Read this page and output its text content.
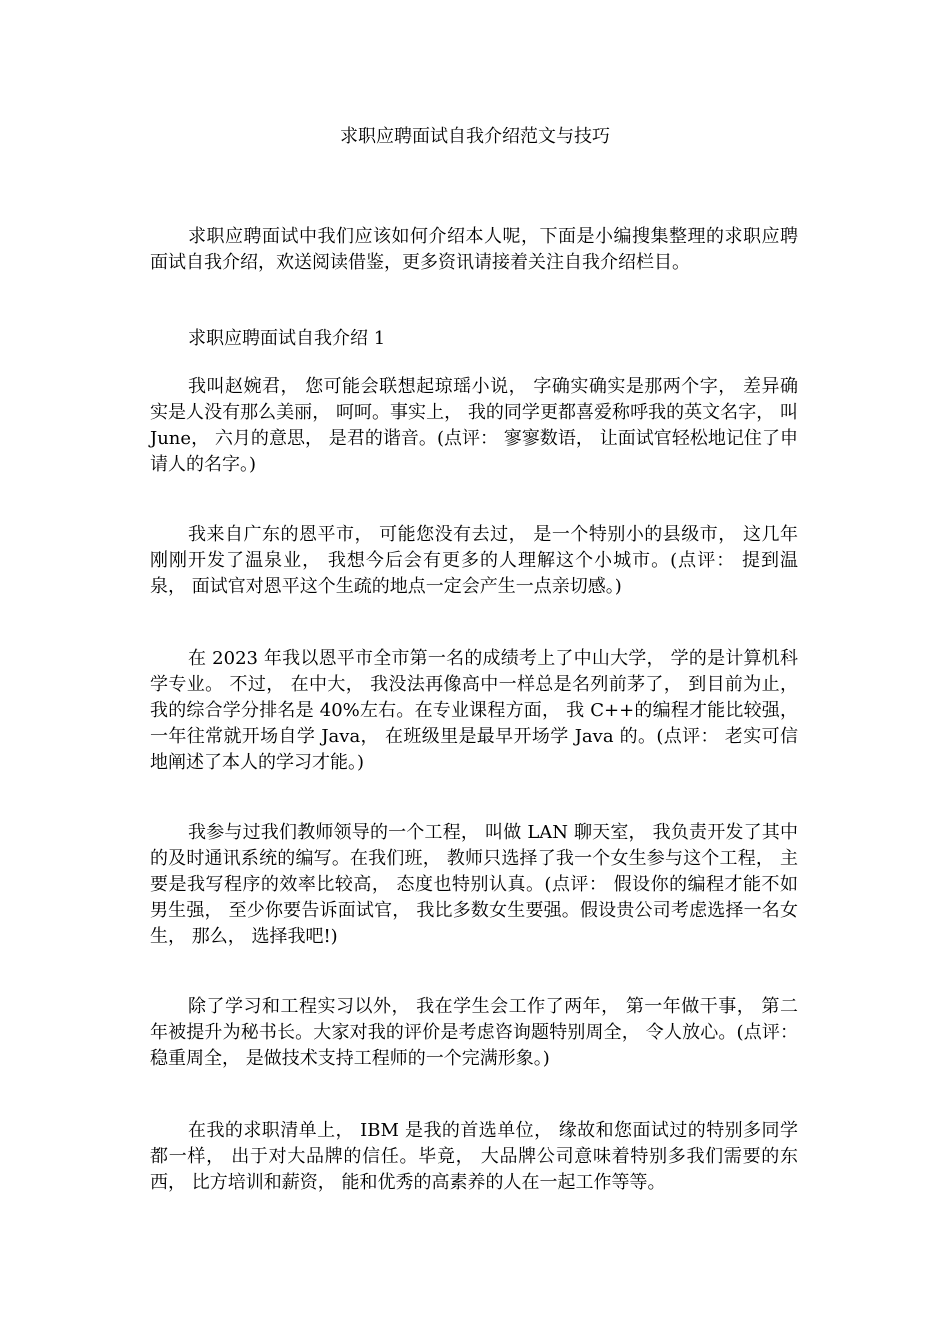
求职应聘面试自我介绍范文与技巧

求职应聘面试中我们应该如何介绍本人呢，下面是小编搜集整理的求职应聘面试自我介绍，欢送阅读借鉴，更多资讯请接着关注自我介绍栏目。

求职应聘面试自我介绍 1

我叫赵婉君， 您可能会联想起琼瑶小说， 字确实确实是那两个字， 差异确实是人没有那么美丽， 呵呵。事实上， 我的同学更都喜爱称呼我的英文名字， 叫 June， 六月的意思， 是君的谐音。(点评： 寥寥数语， 让面试官轻松地记住了申请人的名字。)

我来自广东的恩平市， 可能您没有去过， 是一个特别小的县级市， 这几年刚刚开发了温泉业， 我想今后会有更多的人理解这个小城市。(点评： 提到温泉， 面试官对恩平这个生疏的地点一定会产生一点亲切感。)

在 2023 年我以恩平市全市第一名的成绩考上了中山大学， 学的是计算机科学专业。 不过， 在中大， 我没法再像高中一样总是名列前茅了， 到目前为止， 我的综合学分排名是 40%左右。在专业课程方面， 我 C++的编程才能比较强， 一年往常就开场自学 Java， 在班级里是最早开场学 Java 的。(点评： 老实可信地阐述了本人的学习才能。)

我参与过我们教师领导的一个工程， 叫做 LAN 聊天室， 我负责开发了其中的及时通讯系统的编写。在我们班， 教师只选择了我一个女生参与这个工程， 主要是我写程序的效率比较高， 态度也特别认真。(点评： 假设你的编程才能不如男生强， 至少你要告诉面试官， 我比多数女生要强。假设贵公司考虑选择一名女生， 那么， 选择我吧!)

除了学习和工程实习以外， 我在学生会工作了两年， 第一年做干事， 第二年被提升为秘书长。大家对我的评价是考虑咨询题特别周全， 令人放心。(点评： 稳重周全， 是做技术支持工程师的一个完满形象。)

在我的求职清单上， IBM 是我的首选单位， 缘故和您面试过的特别多同学都一样， 出于对大品牌的信任。毕竟， 大品牌公司意味着特别多我们需要的东西， 比方培训和薪资， 能和优秀的高素养的人在一起工作等等。
